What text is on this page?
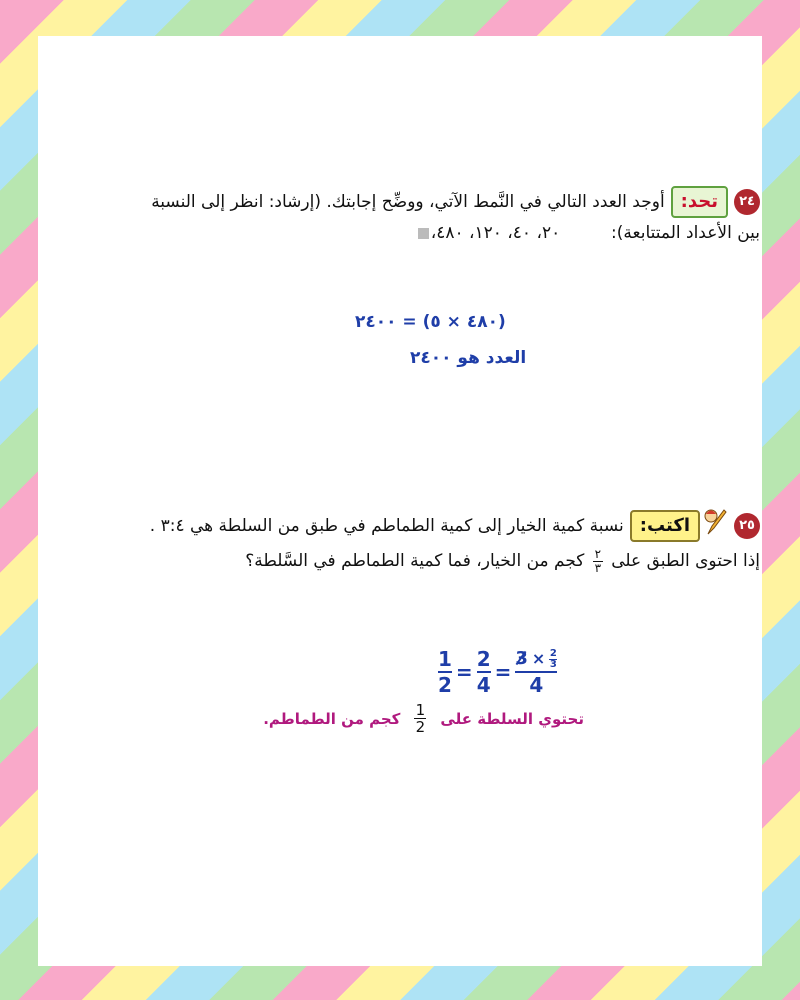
٢٤تحد:أوجد العدد التالي في النَّمط الآتي، ووضِّح إجابتك. (إرشاد: انظر إلى النسبة
بين الأعداد المتتابعة):  ٢٠، ٤٠، ١٢٠، ٤٨٠،
(٤٨٠ × ٥) = ٢٤٠٠
العدد هو ٢٤٠٠
٢٥اكتب:نسبة كمية الخيار إلى كمية الطماطم في طبق من السلطة هي ٣:٤ .
إذا احتوى الطبق على
$\frac{٢}{٣}$
كجم من الخيار، فما كمية الطماطم في السَّلطة؟
1
2
=
2
4
=
3 × 2
3
4
تحتوي السلطة على
1
2
كجم من الطماطم.
